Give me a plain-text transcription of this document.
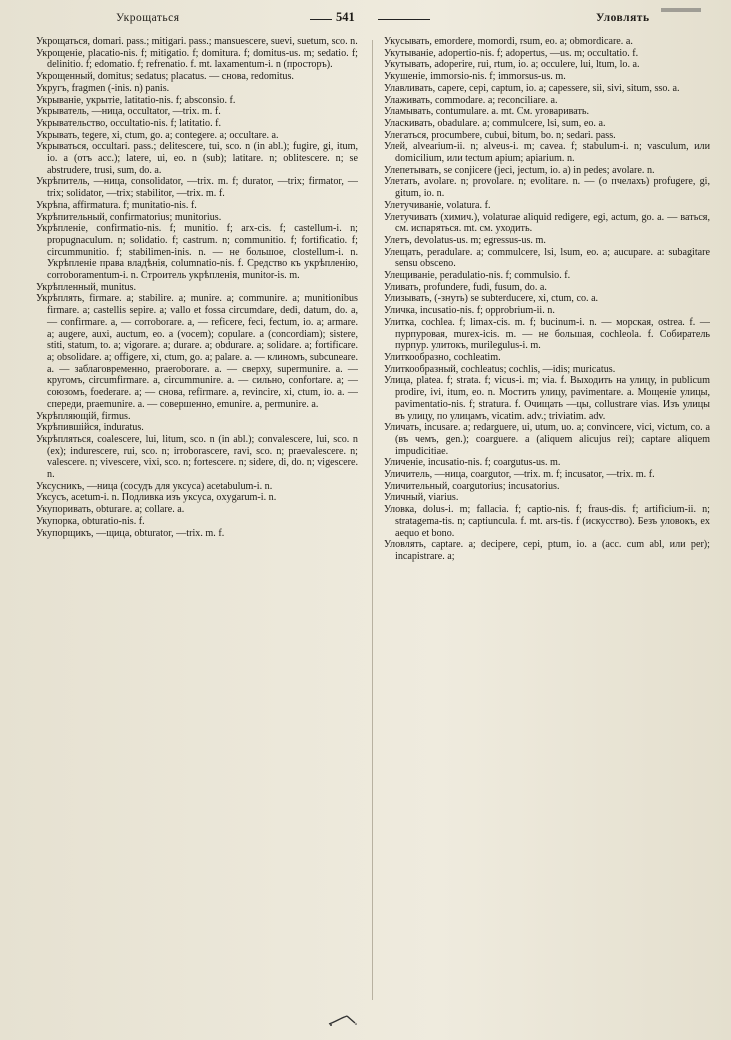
Укрощаться	541	Уловлять

Укрощаться, domari. pass.; mitigari. pass.; mansuescere, suevi, suetum, sco. n.

Укрощеніе, placatio-nis. f; mitigatio. f; domitura. f; domitus-us. m; sedatio. f; delinitio. f; edomatio. f; refrenatio. f. mt. laxamentum-i. n (просторъ).

Укрощенный, domitus; sedatus; placatus. — снова, redomitus.

Укругъ, fragmen (-inis. n) panis.

Укрываніе, укрытіе, latitatio-nis. f; absconsio. f.

Укрыватель, —ница, occultator, —trix. m. f.

Укрывательство, occultatio-nis. f; latitatio. f.

Укрывать, tegere, xi, ctum, go. a; contegere. a; occultare. a.

Укрываться, occultari. pass.; delitescere, tui, sco. n (in abl.); fugire, gi, itum, io. a (отъ acc.); latere, ui, eo. n (sub); latitare. n; oblitescere. n; se abstrudere, trusi, sum, do. a.

Укрѣпитель, —ница, consolidator, —trix. m. f; durator, —trix; firmator, —trix; solidator, —trix; stabilitor, —trix. m. f.

Укрѣпа, affirmatura. f; munitatio-nis. f.

Укрѣпительный, confirmatorius; munitorius.

Укрѣпленіе, confirmatio-nis. f; munitio. f; arx-cis. f; castellum-i. n; propugnaculum. n; solidatio. f; castrum. n; communitio. f; fortificatio. f; circummunitio. f; stabilimen-inis. n. — не большое, clostellum-i. n. Укрѣпленіе права владѣнія, columnatio-nis. f. Средство къ укрѣпленію, corroboramentum-i. n. Строитель укрѣпленія, munitor-is. m.

Укрѣпленный, munitus.

Укрѣплять, firmare. a; stabilire. a; munire. a; communire. a; munitionibus firmare. a; castellis sepire. a; vallo et fossa circumdare, dedi, datum, do. a, — confirmare. a, — corroborare. a, — reficere, feci, fectum, io. a; armare. a; augere, auxi, auctum, eo. a (vocem); copulare. a (concordiam); sistere, stiti, statum, to. a; vigorare. a; durare. a; obdurare. a; solidare. a; fortificare. a; obsolidare. a; offigere, xi, ctum, go. a; palare. a. — клиномъ, subcuneare. a. — заблаговременно, praeroborare. a. — сверху, supermunire. a. — кругомъ, circumfirmare. a, circummunire. a. — сильно, confortare. a; — союзомъ, foederare. a; — снова, refirmare. a, revincire, xi, ctum, io. a. — спереди, praemunire. a. — совершенно, emunire. a, permunire. a.

Укрѣпляющій, firmus.

Укрѣпившійся, induratus.

Укрѣпляться, coalescere, lui, litum, sco. n (in abl.); convalescere, lui, sco. n (ex); indurescere, rui, sco. n; irroborascere, ravi, sco. n; praevalescere. n; valescere. n; vivescere, vixi, sco. n; fortescere. n; sidere, di, do. n; vigescere. n.

Уксусникъ, —ница (сосудъ для уксуса) acetabulum-i. n.

Уксусъ, acetum-i. n. Подливка изъ уксуса, oxygarum-i. n.

Укупоривать, obturare. a; collare. a.

Укупорка, obturatio-nis. f.

Укупорщикъ, —щица, obturator, —trix. m. f.

Укусывать, emordere, momordi, rsum, eo. a; obmordicare. a.

Укутываніе, adopertio-nis. f; adopertus, —us. m; occultatio. f.

Укутывать, adoperire, rui, rtum, io. a; occulere, lui, ltum, lo. a.

Укушеніе, immorsio-nis. f; immorsus-us. m.

Улавливать, capere, cepi, captum, io. a; capessere, sii, sivi, situm, sso. a.

Улаживать, commodare. a; reconciliare. a.

Уламывать, contumulare. a. mt. См. уговаривать.

Уласкивать, obadulare. a; commulcere, lsi, sum, eo. a.

Улегаться, procumbere, cubui, bitum, bo. n; sedari. pass.

Улей, alvearium-ii. n; alveus-i. m; cavea. f; stabulum-i. n; vasculum, или domicilium, или tectum apium; apiarium. n.

Улепетывать, se conjicere (jeci, jectum, io. a) in pedes; avolare. n.

Улетать, avolare. n; provolare. n; evolitare. n. — (о пчелахъ) profugere, gi, gitum, io. n.

Улетучиваніе, volatura. f.

Улетучивать (химич.), volaturae aliquid redigere, egi, actum, go. a. — ваться, см. испаряться. mt. см. уходить.

Улетъ, devolatus-us. m; egressus-us. m.

Улещать, peradulare. a; commulcere, lsi, lsum, eo. a; aucupare. a: subagitare sensu obsceno.

Улещиваніе, peradulatio-nis. f; commulsio. f.

Уливать, profundere, fudi, fusum, do. a.

Улизывать, (-знуть) se subterducere, xi, ctum, co. a.

Уличка, incusatio-nis. f; opprobrium-ii. n.

Улитка, cochlea. f; limax-cis. m. f; bucinum-i. n. — морская, ostrea. f. — пурпуровая, murex-icis. m. — не большая, cochleola. f. Собиратель пурпур. улитокъ, murilegulus-i. m.

Улиткообразно, cochleatim.

Улиткообразный, cochleatus; cochlis, —idis; muricatus.

Улица, platea. f; strata. f; vicus-i. m; via. f. Выходить на улицу, in publicum prodire, ivi, itum, eo. n. Мостить улицу, pavimentare. a. Мощеніе улицы, pavimentatio-nis. f; stratura. f. Очищать —цы, collustrare vias. Изъ улицы въ улицу, по улицамъ, vicatim. adv.; triviatim. adv.

Уличать, incusare. a; redarguere, ui, utum, uo. a; convincere, vici, victum, co. a (въ чемъ, gen.); coarguere. a (aliquem alicujus rei); captare aliquem impudicitiae.

Уличеніе, incusatio-nis. f; coargutus-us. m.

Уличитель, —ница, coargutor, —trix. m. f; incusator, —trix. m. f.

Уличительный, coargutorius; incusatorius.

Уличный, viarius.

Уловка, dolus-i. m; fallacia. f; captio-nis. f; fraus-dis. f; artificium-ii. n; stratagema-tis. n; captiuncula. f. mt. ars-tis. f (искусство). Безъ уловокъ, ex aequo et bono.

Уловлять, captare. a; decipere, cepi, ptum, io. a (acc. cum abl, или per); incapistrare. a;
